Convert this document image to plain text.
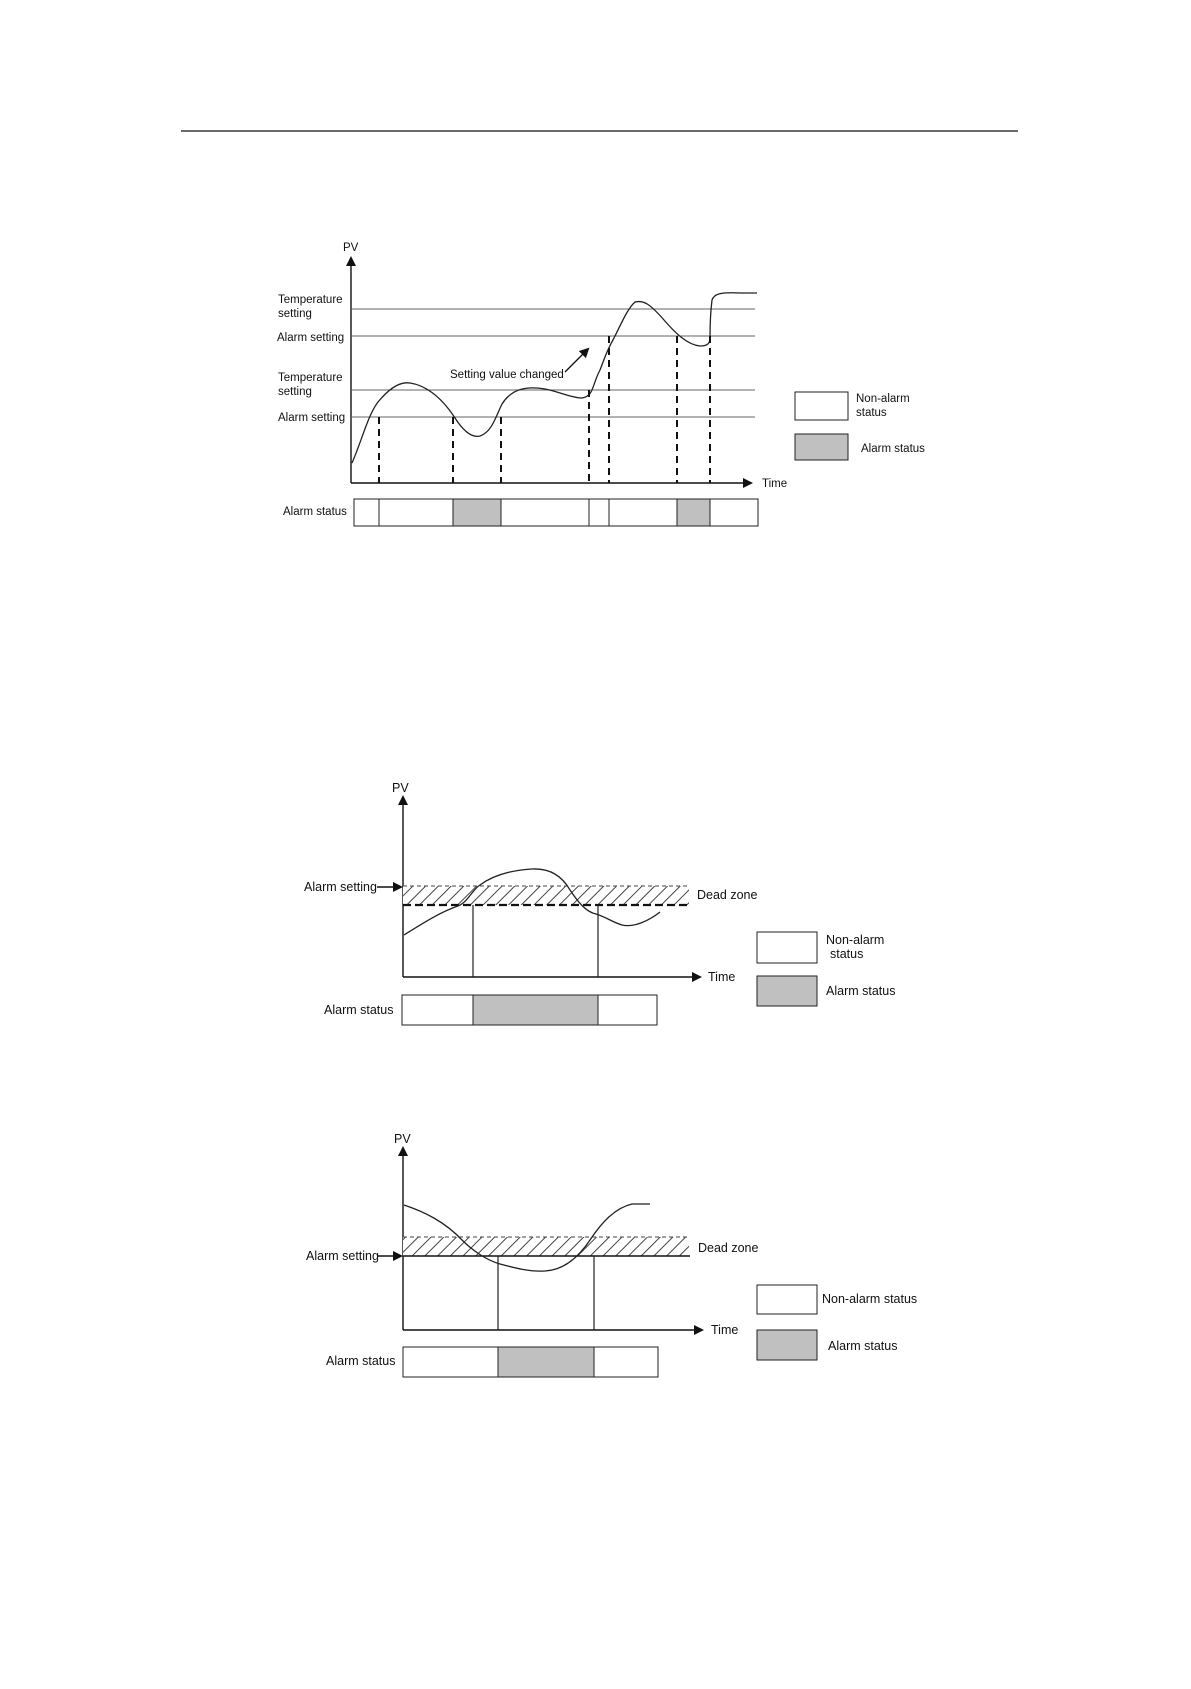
PV
Time
Temperature
setting
Alarm setting
Temperature
setting
Alarm setting
Setting value changed
Alarm status
Non-alarm
status
Alarm status
PV
Time
Dead zone
Alarm setting
Alarm status
Non-alarm
status
Alarm status
PV
Time
Dead zone
Alarm setting
Alarm status
Non-alarm status
Alarm status
